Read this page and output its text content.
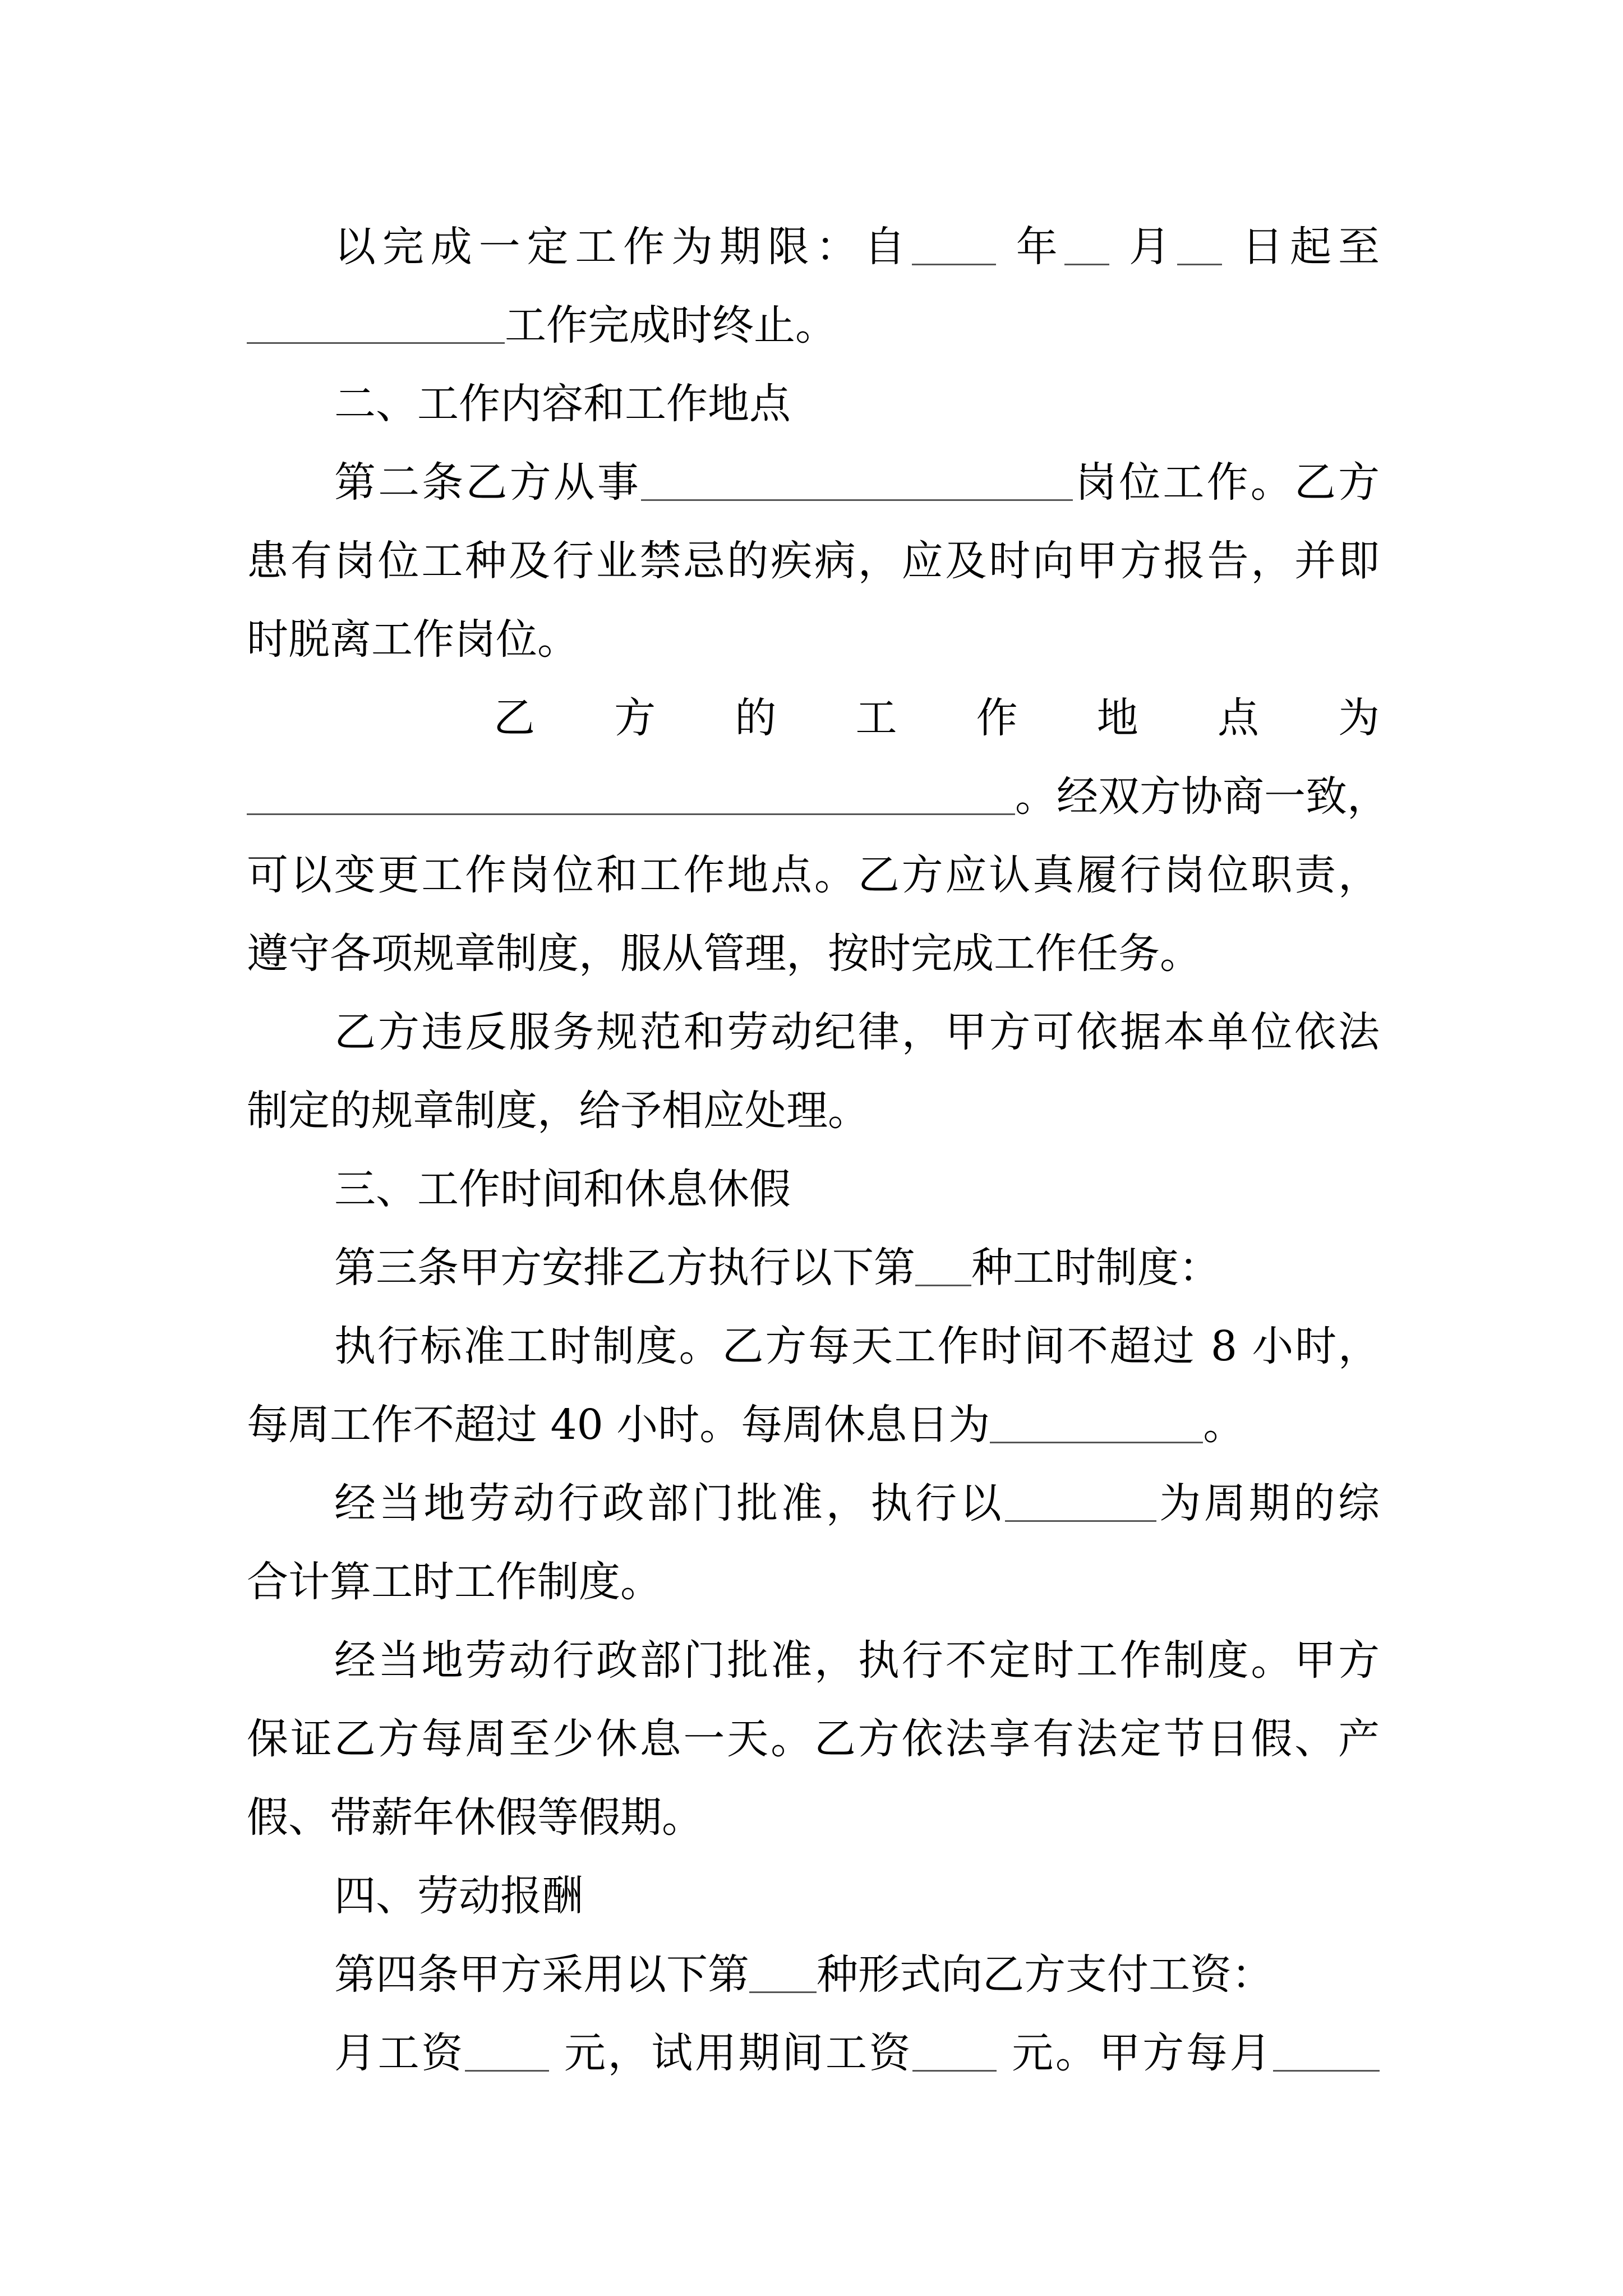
以完成一定工作为期限：自	年 月 日起至
工作完成时终止。
二、工作内容和工作地点
第二条乙方从事	岗位工作。乙方
患有岗位工种及行业禁忌的疾病，应及时向甲方报告，并即
时脱离工作岗位。
乙 方 的 工 作 地 点 为
。经双方协商一致，
可以变更工作岗位和工作地点。乙方应认真履行岗位职责，
遵守各项规章制度，服从管理，按时完成工作任务。
乙方违反服务规范和劳动纪律，甲方可依据本单位依法
制定的规章制度，给予相应处理。
三、工作时间和休息休假
第三条甲方安排乙方执行以下第 种工时制度：
执行标准工时制度。乙方每天工作时间不超过 8 小时，
每周工作不超过 40 小时。每周休息日为	。
经当地劳动行政部门批准，执行以	为周期的综
合计算工时工作制度。
经当地劳动行政部门批准，执行不定时工作制度。甲方
保证乙方每周至少休息一天。乙方依法享有法定节日假、产
假、带薪年休假等假期。
四、劳动报酬
第四条甲方采用以下第 种形式向乙方支付工资：
月工资 元，试用期间工资 元。甲方每月
